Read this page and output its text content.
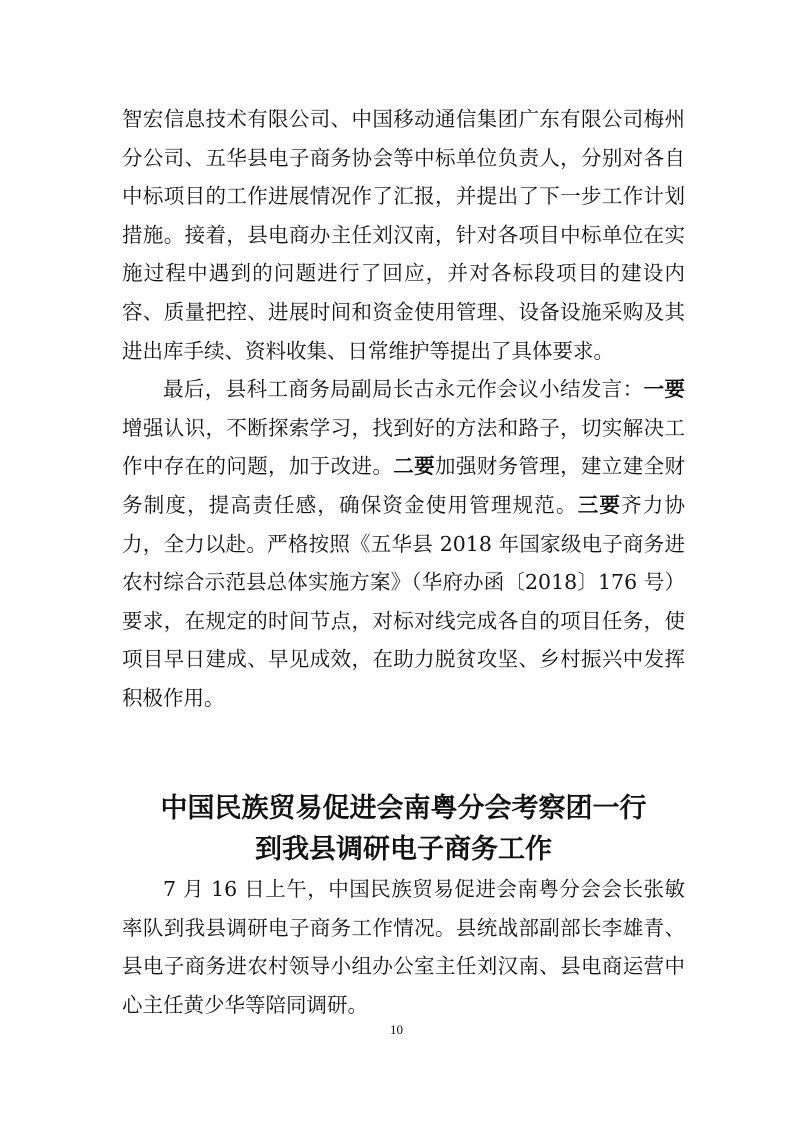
智宏信息技术有限公司、中国移动通信集团广东有限公司梅州分公司、五华县电子商务协会等中标单位负责人，分别对各自中标项目的工作进展情况作了汇报，并提出了下一步工作计划措施。接着，县电商办主任刘汉南，针对各项目中标单位在实施过程中遇到的问题进行了回应，并对各标段项目的建设内容、质量把控、进展时间和资金使用管理、设备设施采购及其进出库手续、资料收集、日常维护等提出了具体要求。

最后，县科工商务局副局长古永元作会议小结发言：一要增强认识，不断探索学习，找到好的方法和路子，切实解决工作中存在的问题，加于改进。二要加强财务管理，建立建全财务制度，提高责任感，确保资金使用管理规范。三要齐力协力，全力以赴。严格按照《五华县 2018 年国家级电子商务进农村综合示范县总体实施方案》（华府办函〔2018〕176 号）要求，在规定的时间节点，对标对线完成各自的项目任务，使项目早日建成、早见成效，在助力脱贫攻坚、乡村振兴中发挥积极作用。

中国民族贸易促进会南粤分会考察团一行
到我县调研电子商务工作

7 月 16 日上午，中国民族贸易促进会南粤分会会长张敏率队到我县调研电子商务工作情况。县统战部副部长李雄青、县电子商务进农村领导小组办公室主任刘汉南、县电商运营中心主任黄少华等陪同调研。

10
